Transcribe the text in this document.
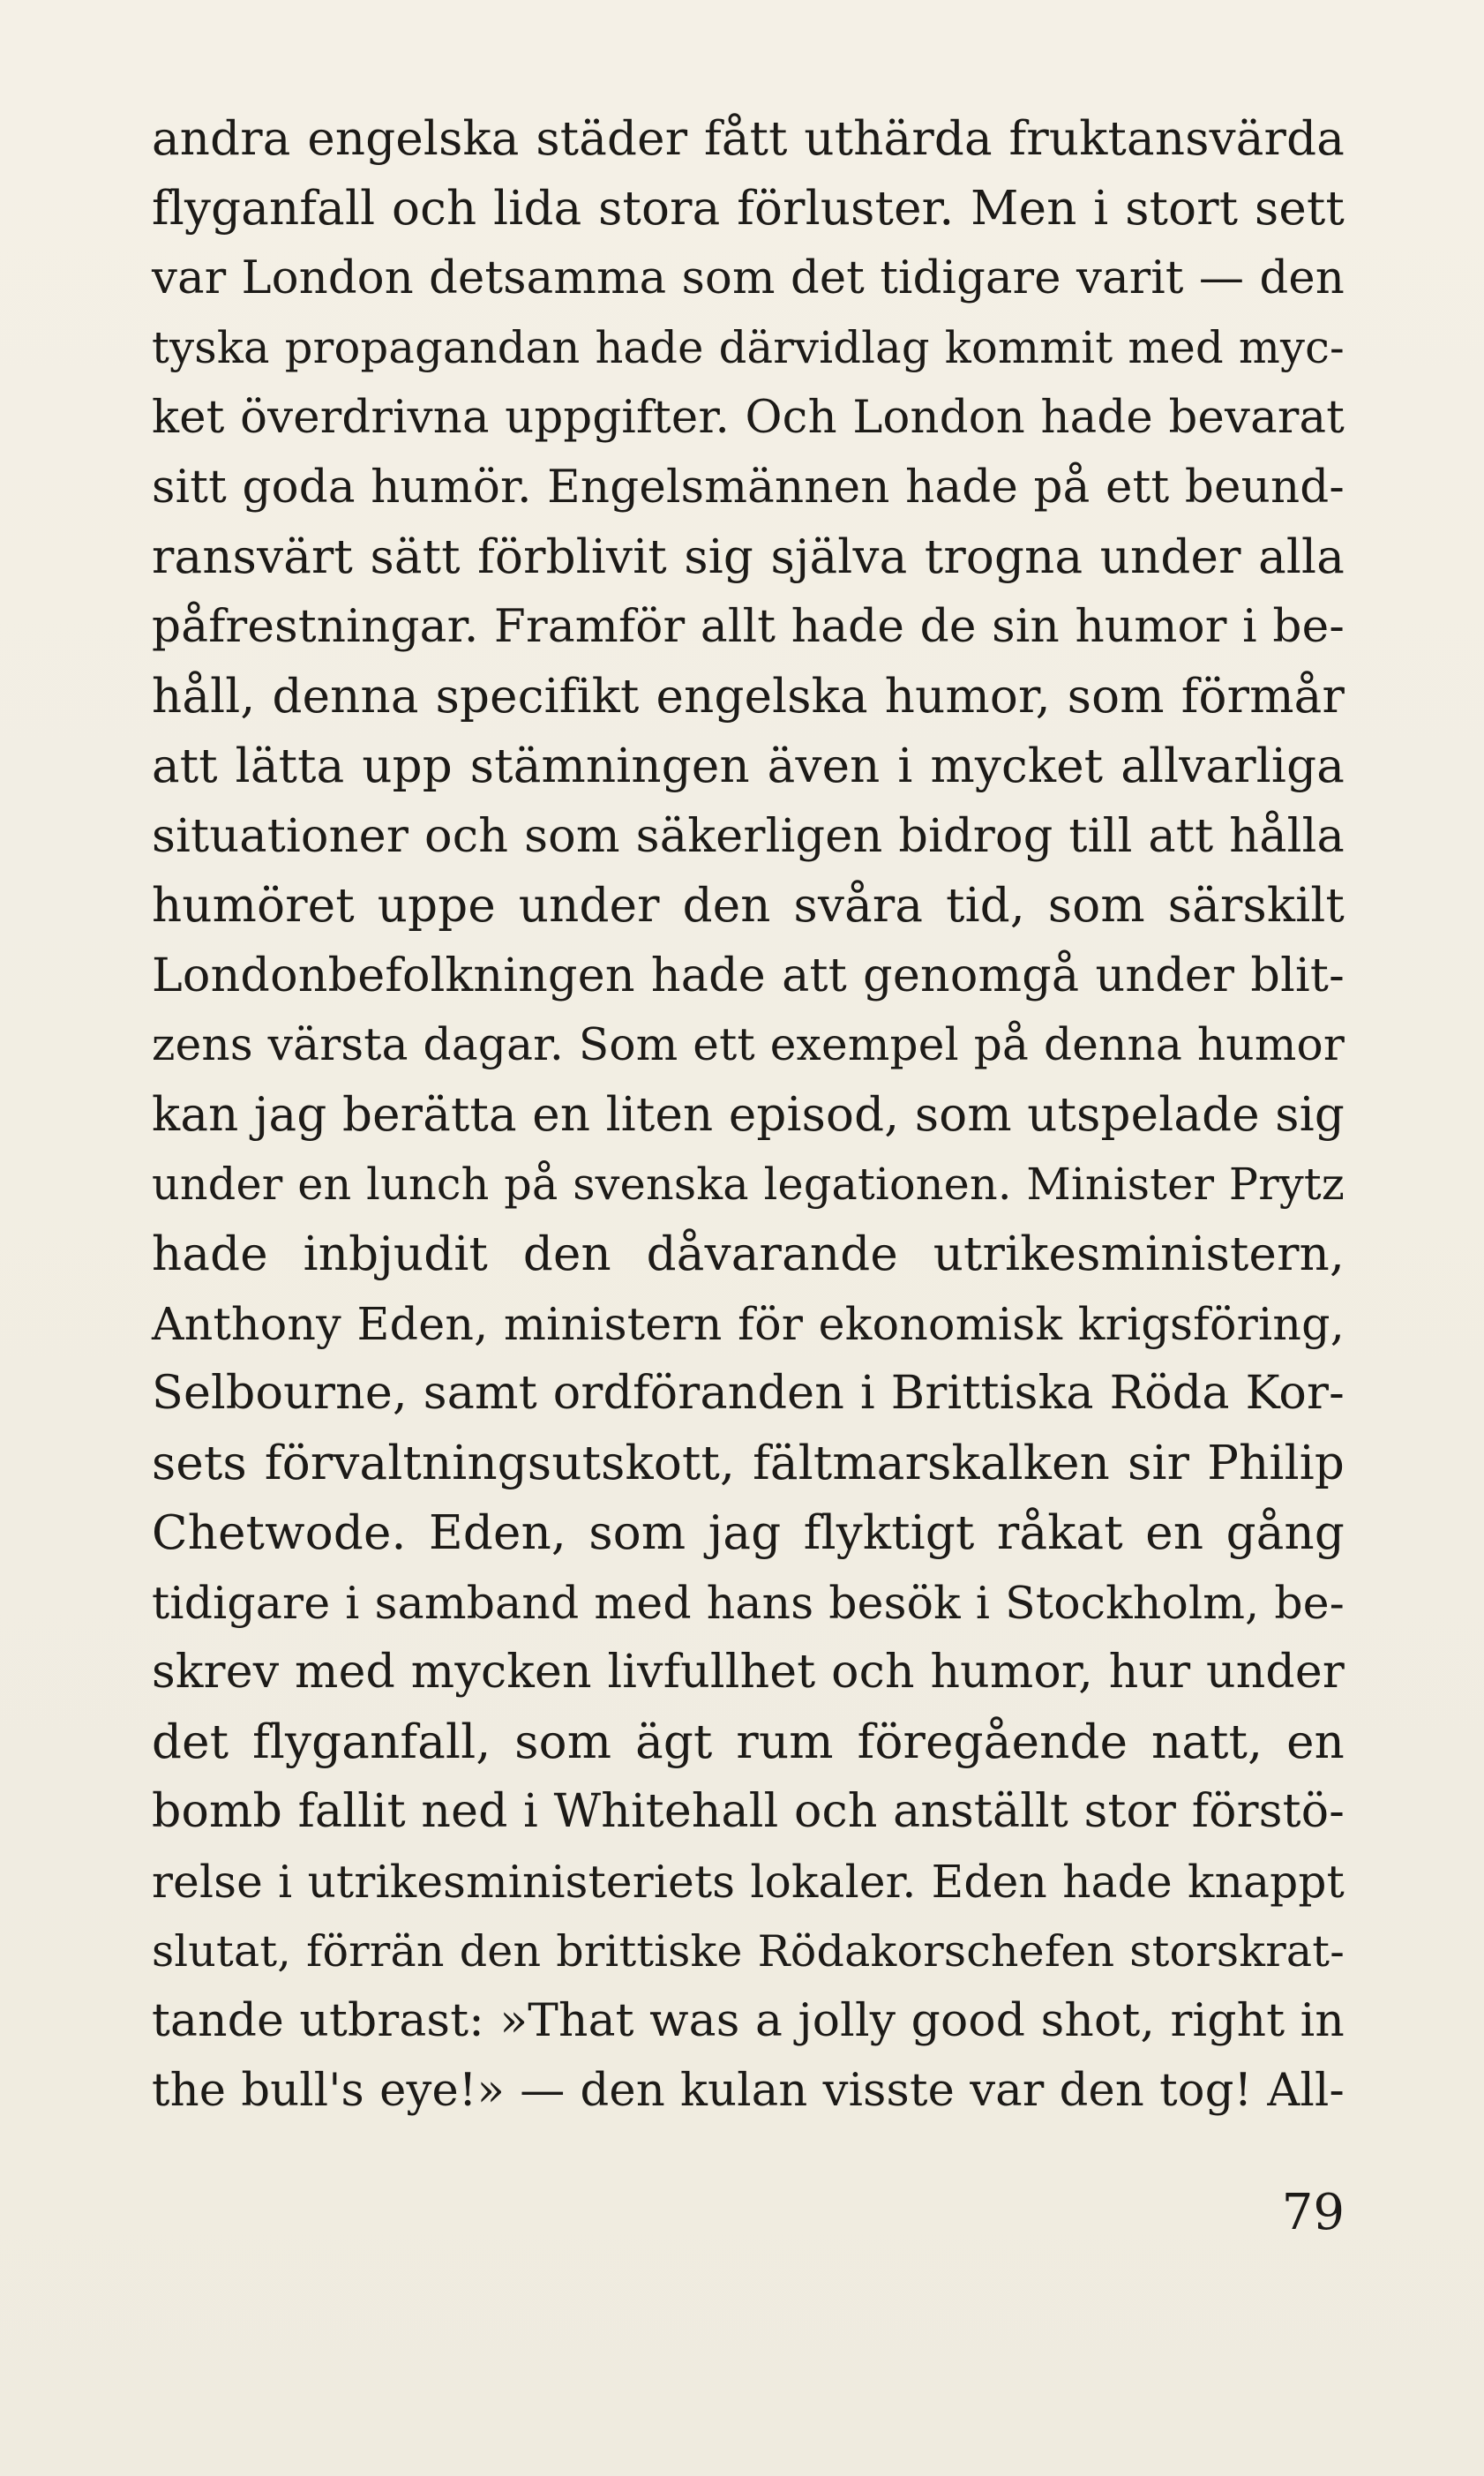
andra engelska städer fått uthärda fruktansvärda
flyganfall och lida stora förluster. Men i stort sett
var London detsamma som det tidigare varit — den
tyska propagandan hade därvidlag kommit med myc-
ket överdrivna uppgifter. Och London hade bevarat
sitt goda humör. Engelsmännen hade på ett beund-
ransvärt sätt förblivit sig själva trogna under alla
påfrestningar. Framför allt hade de sin humor i be-
håll, denna specifikt engelska humor, som förmår
att lätta upp stämningen även i mycket allvarliga
situationer och som säkerligen bidrog till att hålla
humöret uppe under den svåra tid, som särskilt
Londonbefolkningen hade att genomgå under blit-
zens värsta dagar. Som ett exempel på denna humor
kan jag berätta en liten episod, som utspelade sig
under en lunch på svenska legationen. Minister Prytz
hade inbjudit den dåvarande utrikesministern,
Anthony Eden, ministern för ekonomisk krigsföring,
Selbourne, samt ordföranden i Brittiska Röda Kor-
sets förvaltningsutskott, fältmarskalken sir Philip
Chetwode. Eden, som jag flyktigt råkat en gång
tidigare i samband med hans besök i Stockholm, be-
skrev med mycken livfullhet och humor, hur under
det flyganfall, som ägt rum föregående natt, en
bomb fallit ned i Whitehall och anställt stor förstö-
relse i utrikesministeriets lokaler. Eden hade knappt
slutat, förrän den brittiske Rödakorschefen storskrat-
tande utbrast: »That was a jolly good shot, right in
the bull's eye!» — den kulan visste var den tog! All-
79
